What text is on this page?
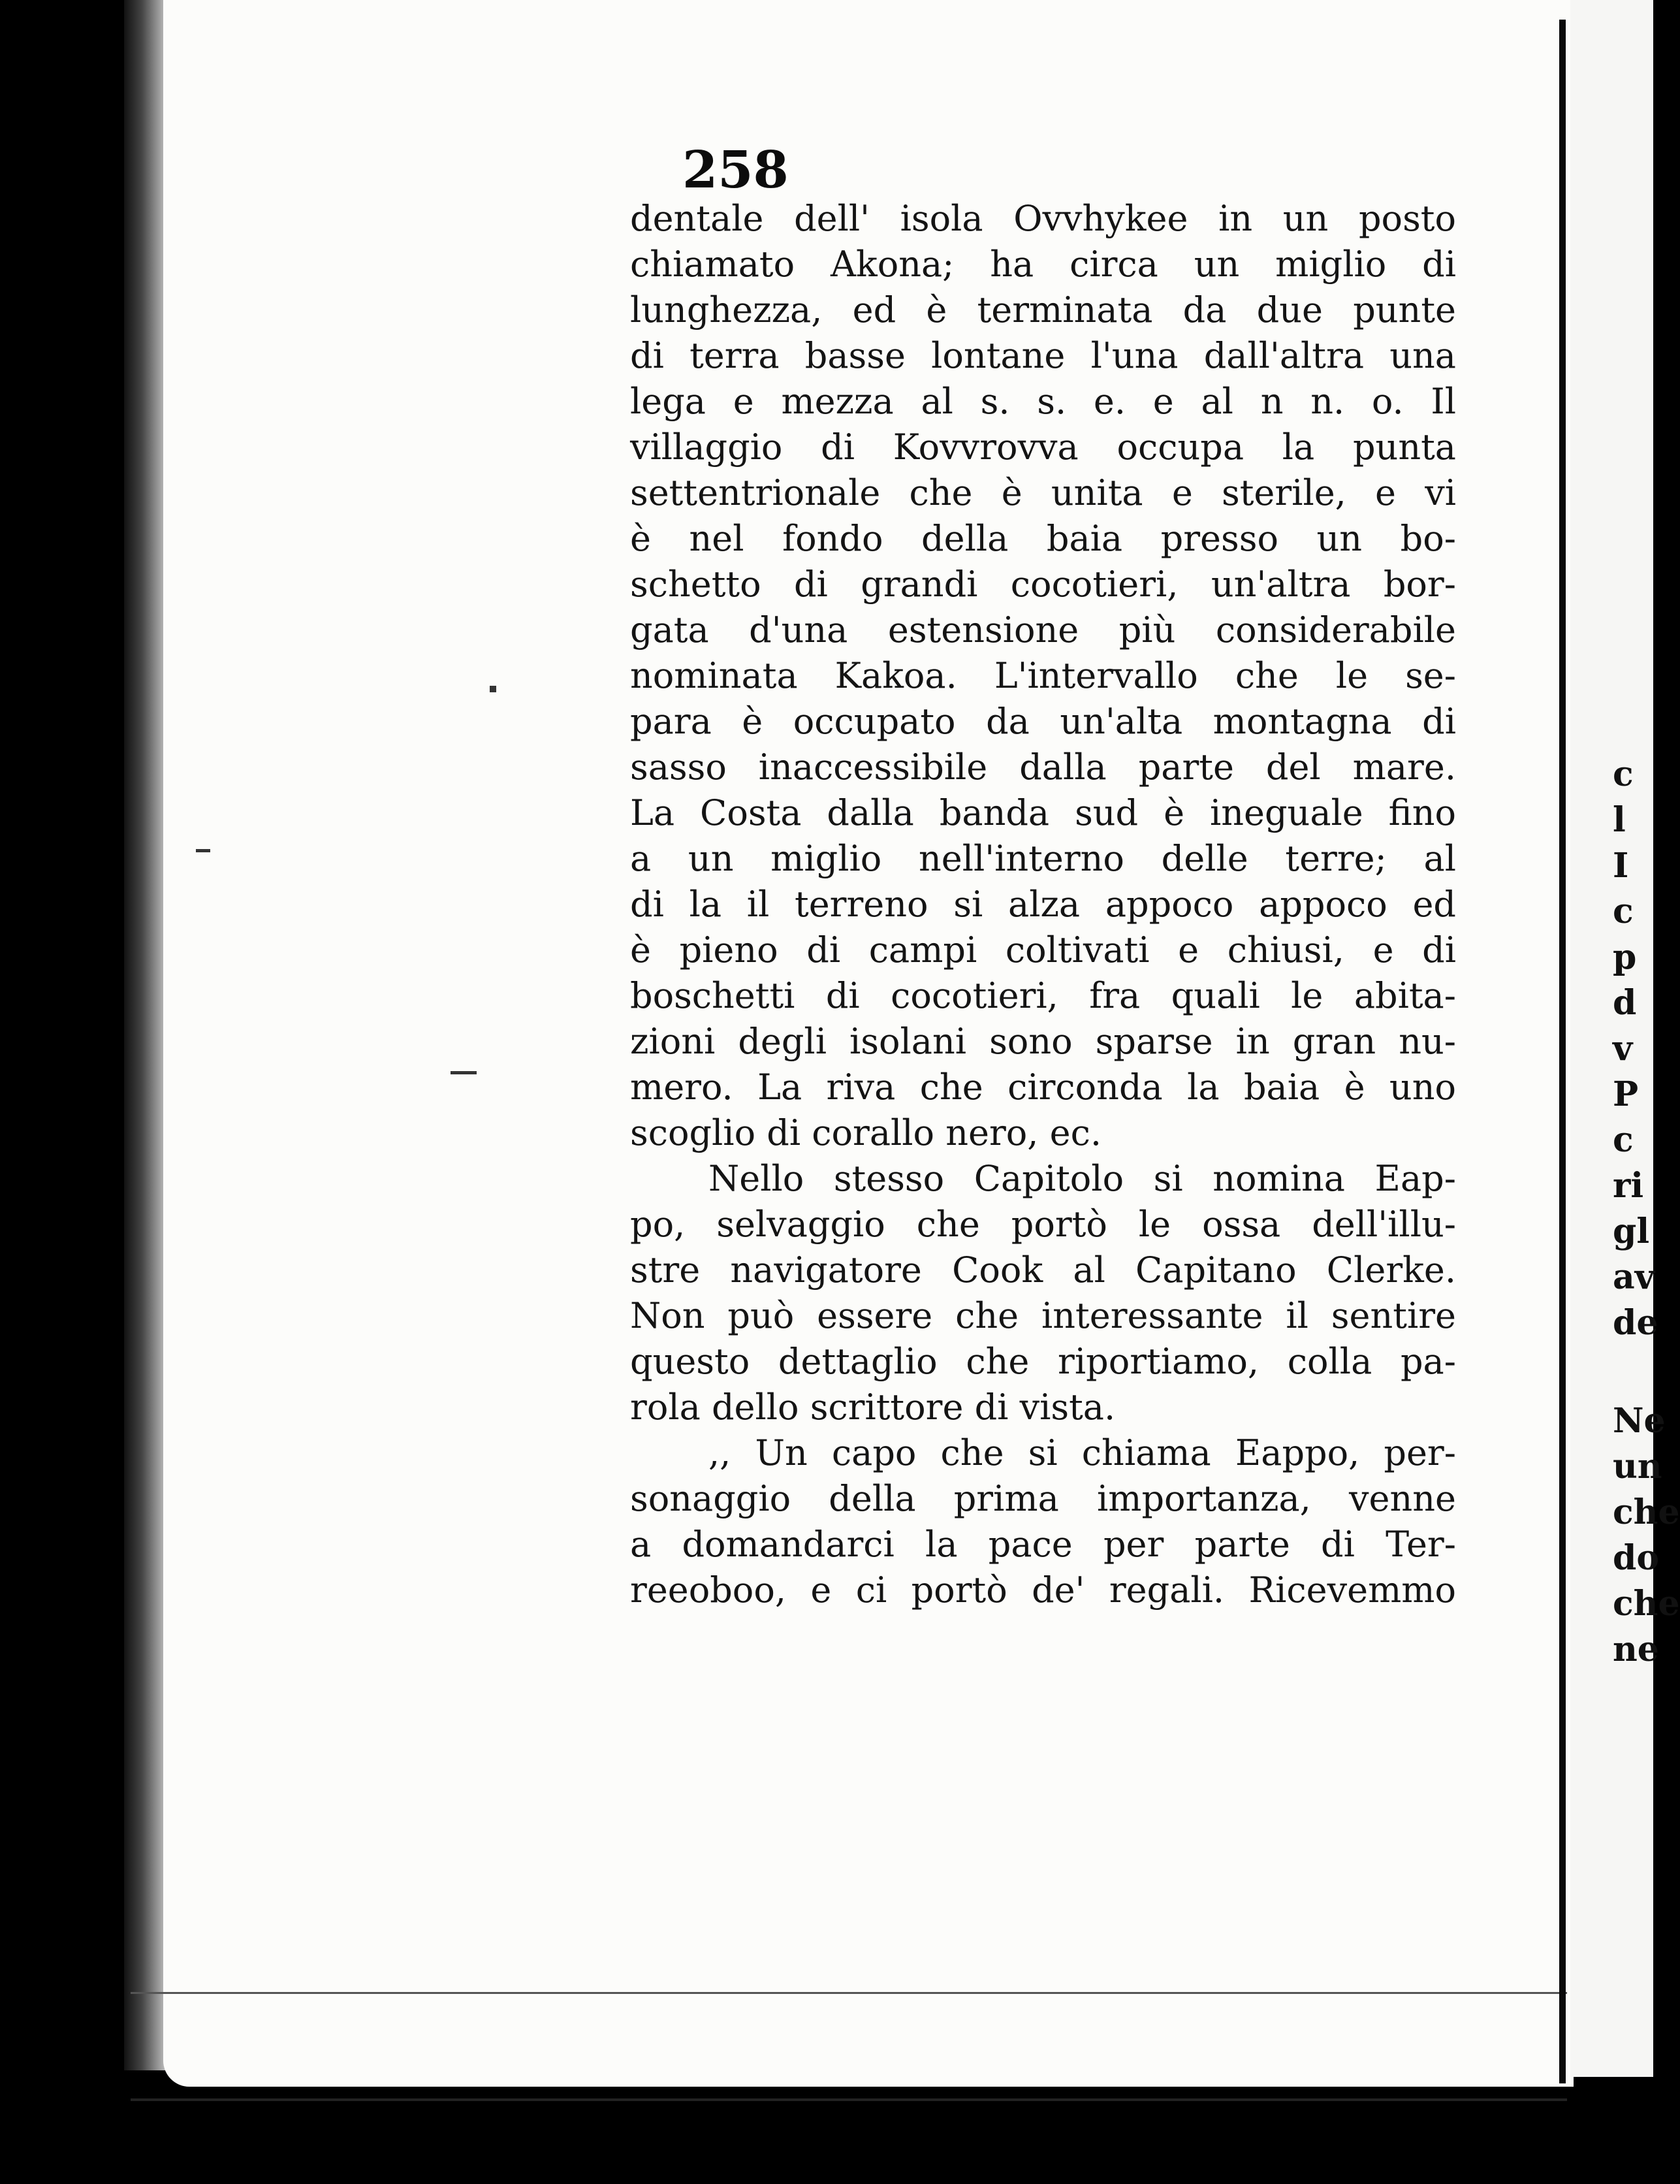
c
l
I
c
p
d
v
P
c
ri
gl
av
de
Ne
un
che
do
che
ne
258
dentale dell' isola Ovvhykee in un posto
chiamato Akona; ha circa un miglio di
lunghezza, ed è terminata da due punte
di terra basse lontane l'una dall'altra una
lega e mezza al s. s. e. e al n n. o. Il
villaggio di Kovvrovva occupa la punta
settentrionale che è unita e sterile, e vi
è nel fondo della baia presso un bo-
schetto di grandi cocotieri, un'altra bor-
gata d'una estensione più considerabile
nominata Kakoa. L'intervallo che le se-
para è occupato da un'alta montagna di
sasso inaccessibile dalla parte del mare.
La Costa dalla banda sud è ineguale fino
a un miglio nell'interno delle terre; al
di la il terreno si alza appoco appoco ed
è pieno di campi coltivati e chiusi, e di
boschetti di cocotieri, fra quali le abita-
zioni degli isolani sono sparse in gran nu-
mero. La riva che circonda la baia è uno
scoglio di corallo nero, ec.
Nello stesso Capitolo si nomina Eap-
po, selvaggio che portò le ossa dell'illu-
stre navigatore Cook al Capitano Clerke.
Non può essere che interessante il sentire
questo dettaglio che riportiamo, colla pa-
rola dello scrittore di vista.
,, Un capo che si chiama Eappo, per-
sonaggio della prima importanza, venne
a domandarci la pace per parte di Ter-
reeoboo, e ci portò de' regali. Ricevemmo
